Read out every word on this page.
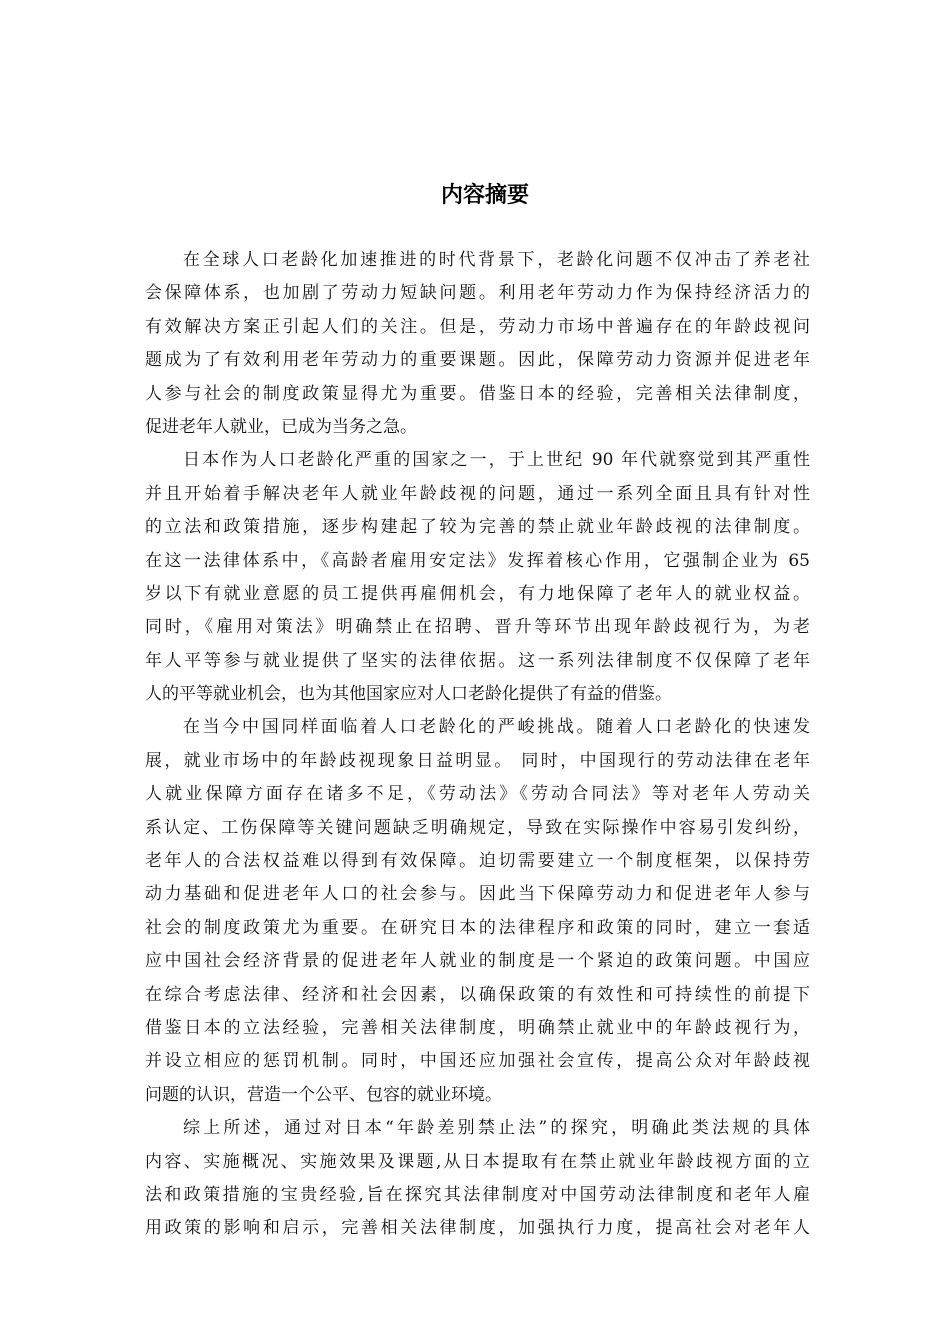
内容摘要
在全球人口老龄化加速推进的时代背景下，老龄化问题不仅冲击了养老社
会保障体系，也加剧了劳动力短缺问题。利用老年劳动力作为保持经济活力的
有效解决方案正引起人们的关注。但是，劳动力市场中普遍存在的年龄歧视问
题成为了有效利用老年劳动力的重要课题。因此，保障劳动力资源并促进老年
人参与社会的制度政策显得尤为重要。借鉴日本的经验，完善相关法律制度，
促进老年人就业，已成为当务之急。
日本作为人口老龄化严重的国家之一，于上世纪 90 年代就察觉到其严重性
并且开始着手解决老年人就业年龄歧视的问题，通过一系列全面且具有针对性
的立法和政策措施，逐步构建起了较为完善的禁止就业年龄歧视的法律制度。
在这一法律体系中，《高龄者雇用安定法》发挥着核心作用，它强制企业为 65
岁以下有就业意愿的员工提供再雇佣机会，有力地保障了老年人的就业权益。
同时，《雇用对策法》明确禁止在招聘、晋升等环节出现年龄歧视行为，为老
年人平等参与就业提供了坚实的法律依据。这一系列法律制度不仅保障了老年
人的平等就业机会，也为其他国家应对人口老龄化提供了有益的借鉴。
在当今中国同样面临着人口老龄化的严峻挑战。随着人口老龄化的快速发
展，就业市场中的年龄歧视现象日益明显。 同时，中国现行的劳动法律在老年
人就业保障方面存在诸多不足，《劳动法》《劳动合同法》等对老年人劳动关
系认定、工伤保障等关键问题缺乏明确规定，导致在实际操作中容易引发纠纷，
老年人的合法权益难以得到有效保障。迫切需要建立一个制度框架，以保持劳
动力基础和促进老年人口的社会参与。因此当下保障劳动力和促进老年人参与
社会的制度政策尤为重要。在研究日本的法律程序和政策的同时，建立一套适
应中国社会经济背景的促进老年人就业的制度是一个紧迫的政策问题。中国应
在综合考虑法律、经济和社会因素，以确保政策的有效性和可持续性的前提下
借鉴日本的立法经验，完善相关法律制度，明确禁止就业中的年龄歧视行为，
并设立相应的惩罚机制。同时，中国还应加强社会宣传，提高公众对年龄歧视
问题的认识，营造一个公平、包容的就业环境。
综上所述，通过对日本“年龄差别禁止法”的探究，明确此类法规的具体
内容、实施概况、实施效果及课题,从日本提取有在禁止就业年龄歧视方面的立
法和政策措施的宝贵经验,旨在探究其法律制度对中国劳动法律制度和老年人雇
用政策的影响和启示，完善相关法律制度，加强执行力度，提高社会对老年人
